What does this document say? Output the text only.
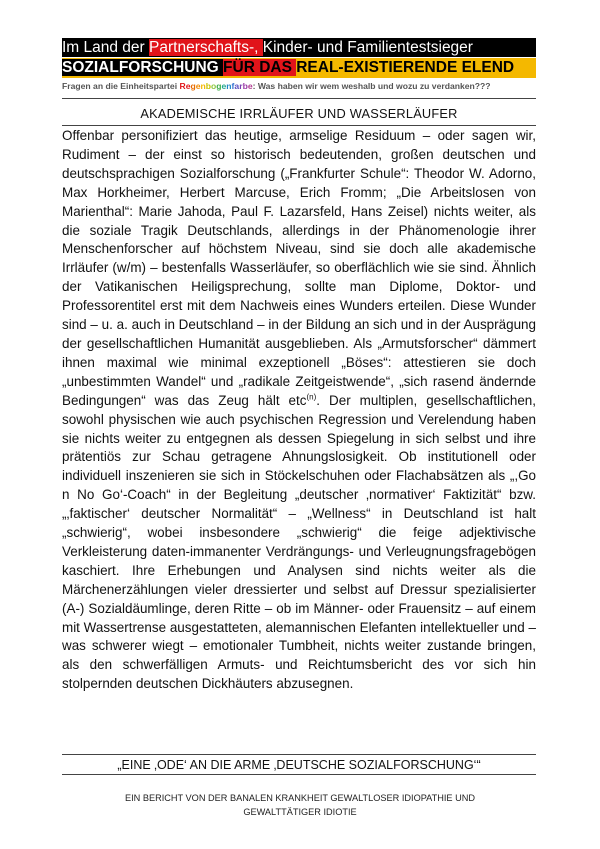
Im Land der Partnerschafts-, Kinder- und Familientestsieger
SOZIALFORSCHUNG FÜR DAS REAL-EXISTIERENDE ELEND
Fragen an die Einheitspartei Regenbogenfarbe: Was haben wir wem weshalb und wozu zu verdanken???
AKADEMISCHE IRRLÄUFER UND WASSERLÄUFER

Offenbar personifiziert das heutige, armselige Residuum – oder sagen wir, Rudiment – der einst so historisch bedeutenden, großen deutschen und deutschsprachigen Sozialforschung („Frankfurter Schule“: Theodor W. Adorno, Max Horkheimer, Herbert Marcuse, Erich Fromm; „Die Arbeitslosen von Marienthal“: Marie Jahoda, Paul F. Lazarsfeld, Hans Zeisel) nichts weiter, als die soziale Tragik Deutschlands, allerdings in der Phänomenologie ihrer Menschenforscher auf höchstem Niveau, sind sie doch alle akademische Irrläufer (w/m) – bestenfalls Wasserläufer, so oberflächlich wie sie sind. Ähnlich der Vatikanischen Heiligsprechung, sollte man Diplome, Doktor- und Professorentitel erst mit dem Nachweis eines Wunders erteilen. Diese Wunder sind – u. a. auch in Deutschland – in der Bildung an sich und in der Ausprägung der gesellschaftlichen Humanität ausgeblieben. Als „Armutsforscher“ dämmert ihnen maximal wie minimal exzeptionell „Böses“: attestieren sie doch „unbestimmten Wandel“ und „radikale Zeitgeistwende“, „sich rasend ändernde Bedingungen“ was das Zeug hält etc$^{(n)}$. Der multiplen, gesellschaftlichen, sowohl physischen wie auch psychischen Regression und Verelendung haben sie nichts weiter zu entgegnen als dessen Spiegelung in sich selbst und ihre prätentiös zur Schau getragene Ahnungslosigkeit. Ob institutionell oder individuell inszenieren sie sich in Stöckelschuhen oder Flachabsätzen als „,Go n No Go‘-Coach“ in der Begleitung „deutscher ‚normativer‘ Faktizität“ bzw. „‚faktischer‘ deutscher Normalität“ – „Wellness“ in Deutschland ist halt „schwierig“, wobei insbesondere „schwierig“ die feige adjektivische Verkleisterung daten-immanenter Verdrängungs- und Verleugnungsfragebögen kaschiert. Ihre Erhebungen und Analysen sind nichts weiter als die Märchenerzählungen vieler dressierter und selbst auf Dressur spezialisierter (A-) Sozialdäumlinge, deren Ritte – ob im Männer- oder Frauensitz – auf einem mit Wassertrense ausgestatteten, alemannischen Elefanten intellektueller und – was schwerer wiegt – emotionaler Tumbheit, nichts weiter zustande bringen, als den schwerfälligen Armuts- und Reichtumsbericht des vor sich hin stolpernden deutschen Dickhäuters abzusegnen.

„EINE ‚ODE‘ AN DIE ARME ‚DEUTSCHE SOZIALFORSCHUNG‘“
EIN BERICHT VON DER BANALEN KRANKHEIT GEWALTLOSER IDIOPATHIE UND GEWALTTÄTIGER IDIOTIE
